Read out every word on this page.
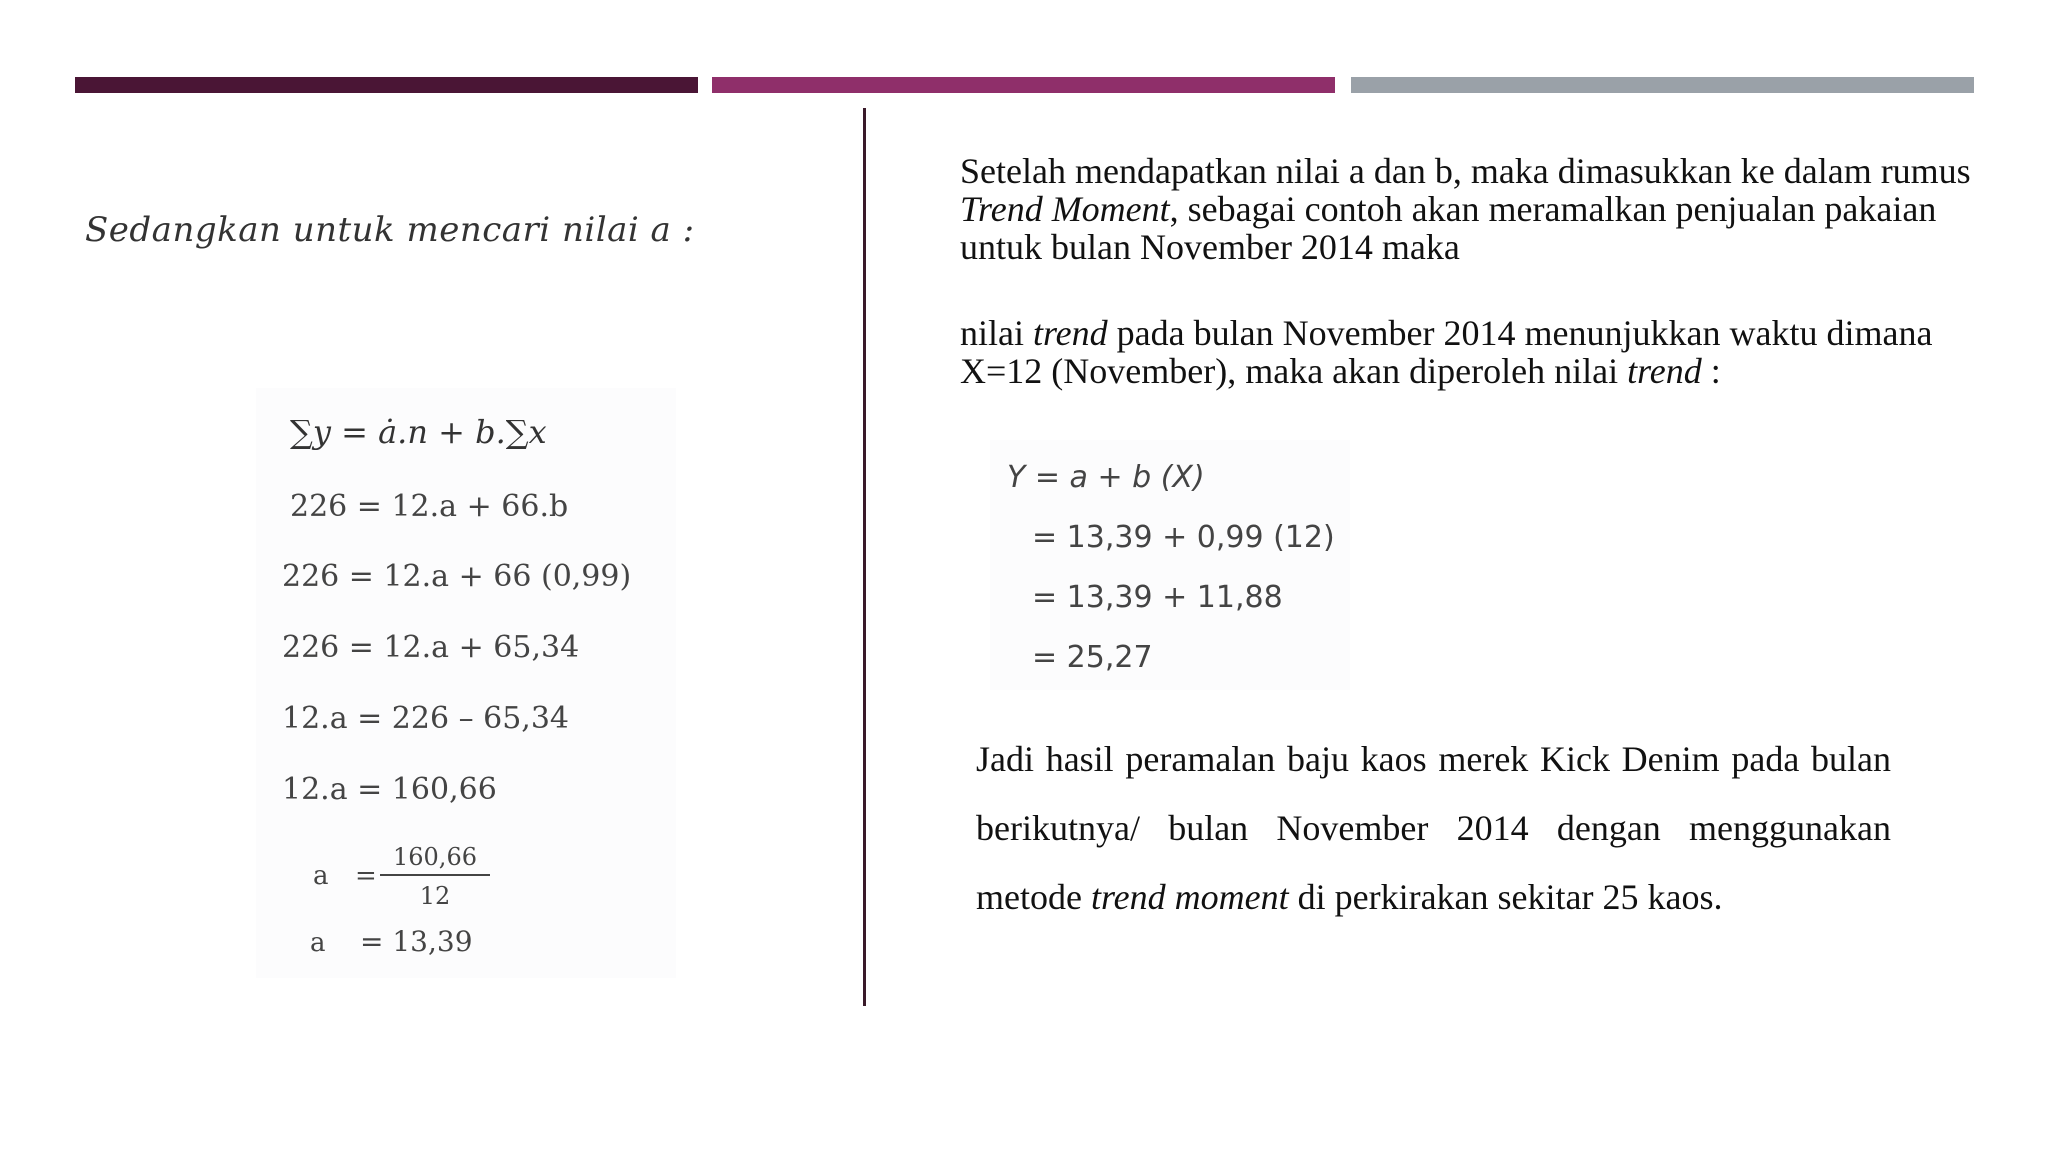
Sedangkan untuk mencari nilai a :
∑y = ȧ.n + b.∑x
226 = 12.a + 66.b
226 = 12.a + 66 (0,99)
226 = 12.a + 65,34
12.a = 226 – 65,34
12.a = 160,66
$a = \frac{160,66}{12}$
a = 13,39
Setelah mendapatkan nilai a dan b, maka dimasukkan ke dalam rumus Trend Moment, sebagai contoh akan meramalkan penjualan pakaian untuk bulan November 2014 maka
nilai trend pada bulan November 2014 menunjukkan waktu dimana X=12 (November), maka akan diperoleh nilai trend :
Y = a + b (X)
= 13,39 + 0,99 (12)
= 13,39 + 11,88
= 25,27
Jadi hasil peramalan baju kaos merek Kick Denim pada bulan berikutnya/ bulan November 2014 dengan menggunakan metode trend moment di perkirakan sekitar 25 kaos.
